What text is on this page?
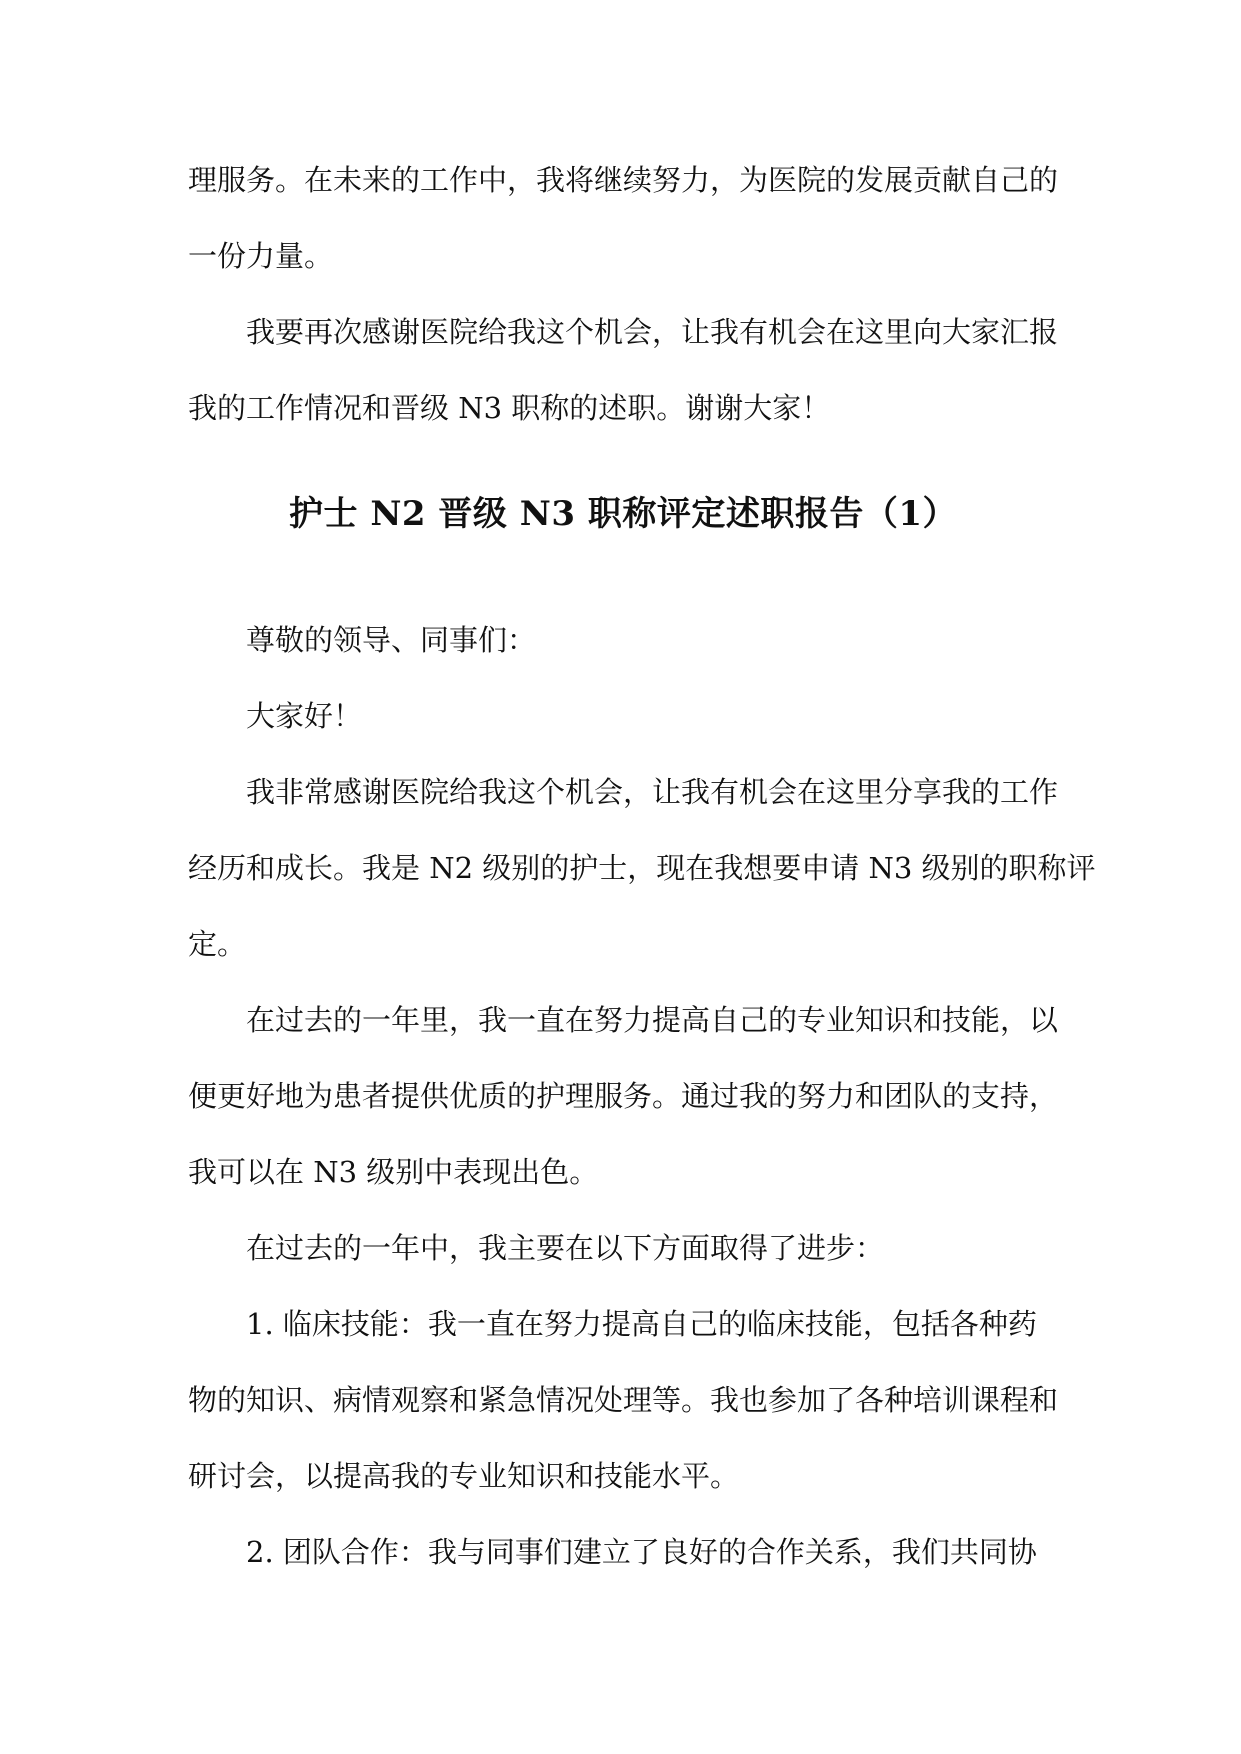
理服务。在未来的工作中，我将继续努力，为医院的发展贡献自己的
一份力量。
我要再次感谢医院给我这个机会，让我有机会在这里向大家汇报
我的工作情况和晋级 N3 职称的述职。谢谢大家！
护士 N2 晋级 N3 职称评定述职报告（1）
尊敬的领导、同事们：
大家好！
我非常感谢医院给我这个机会，让我有机会在这里分享我的工作
经历和成长。我是 N2 级别的护士，现在我想要申请 N3 级别的职称评
定。
在过去的一年里，我一直在努力提高自己的专业知识和技能，以
便更好地为患者提供优质的护理服务。通过我的努力和团队的支持，
我可以在 N3 级别中表现出色。
在过去的一年中，我主要在以下方面取得了进步：
1. 临床技能：我一直在努力提高自己的临床技能，包括各种药
物的知识、病情观察和紧急情况处理等。我也参加了各种培训课程和
研讨会，以提高我的专业知识和技能水平。
2. 团队合作：我与同事们建立了良好的合作关系，我们共同协
